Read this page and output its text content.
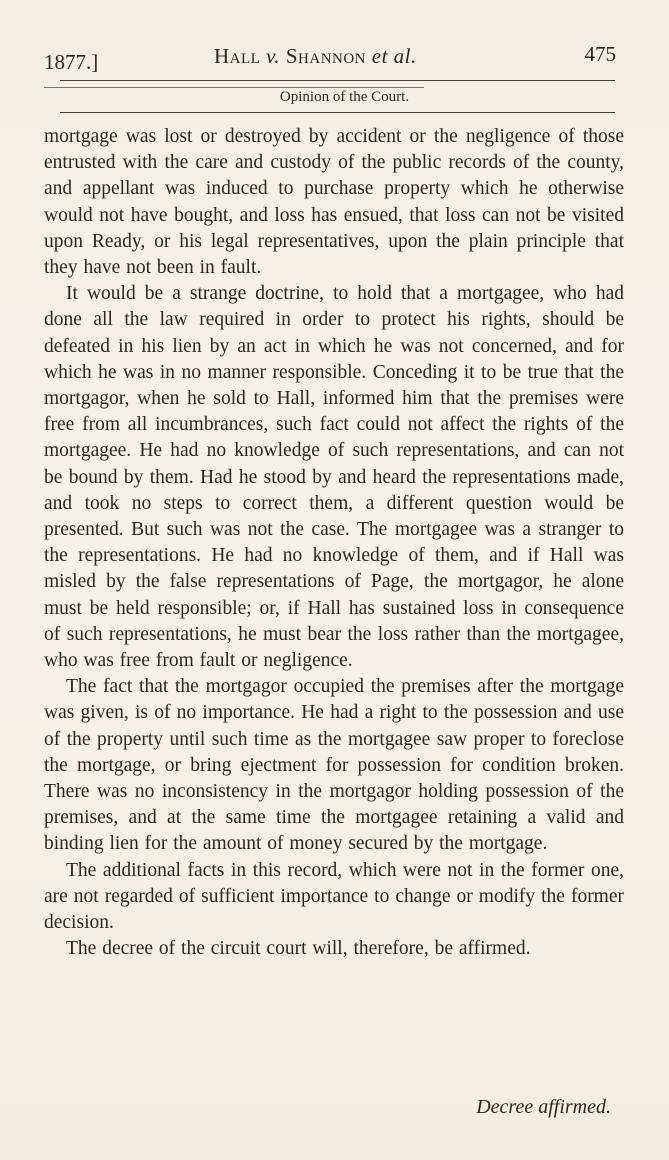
1877.]	Hall v. Shannon et al.	475
Opinion of the Court.

mortgage was lost or destroyed by accident or the negligence of those entrusted with the care and custody of the public records of the county, and appellant was induced to purchase property which he otherwise would not have bought, and loss has ensued, that loss can not be visited upon Ready, or his legal representatives, upon the plain principle that they have not been in fault.

It would be a strange doctrine, to hold that a mortgagee, who had done all the law required in order to protect his rights, should be defeated in his lien by an act in which he was not concerned, and for which he was in no manner responsible. Conceding it to be true that the mortgagor, when he sold to Hall, informed him that the premises were free from all incumbrances, such fact could not affect the rights of the mortgagee. He had no knowledge of such representations, and can not be bound by them. Had he stood by and heard the representations made, and took no steps to correct them, a different question would be presented. But such was not the case. The mortgagee was a stranger to the representations. He had no knowledge of them, and if Hall was misled by the false representations of Page, the mortgagor, he alone must be held responsible; or, if Hall has sustained loss in consequence of such representations, he must bear the loss rather than the mortgagee, who was free from fault or negligence.

The fact that the mortgagor occupied the premises after the mortgage was given, is of no importance. He had a right to the possession and use of the property until such time as the mortgagee saw proper to foreclose the mortgage, or bring ejectment for possession for condition broken. There was no inconsistency in the mortgagor holding possession of the premises, and at the same time the mortgagee retaining a valid and binding lien for the amount of money secured by the mortgage.

The additional facts in this record, which were not in the former one, are not regarded of sufficient importance to change or modify the former decision.

The decree of the circuit court will, therefore, be affirmed.

Decree affirmed.
